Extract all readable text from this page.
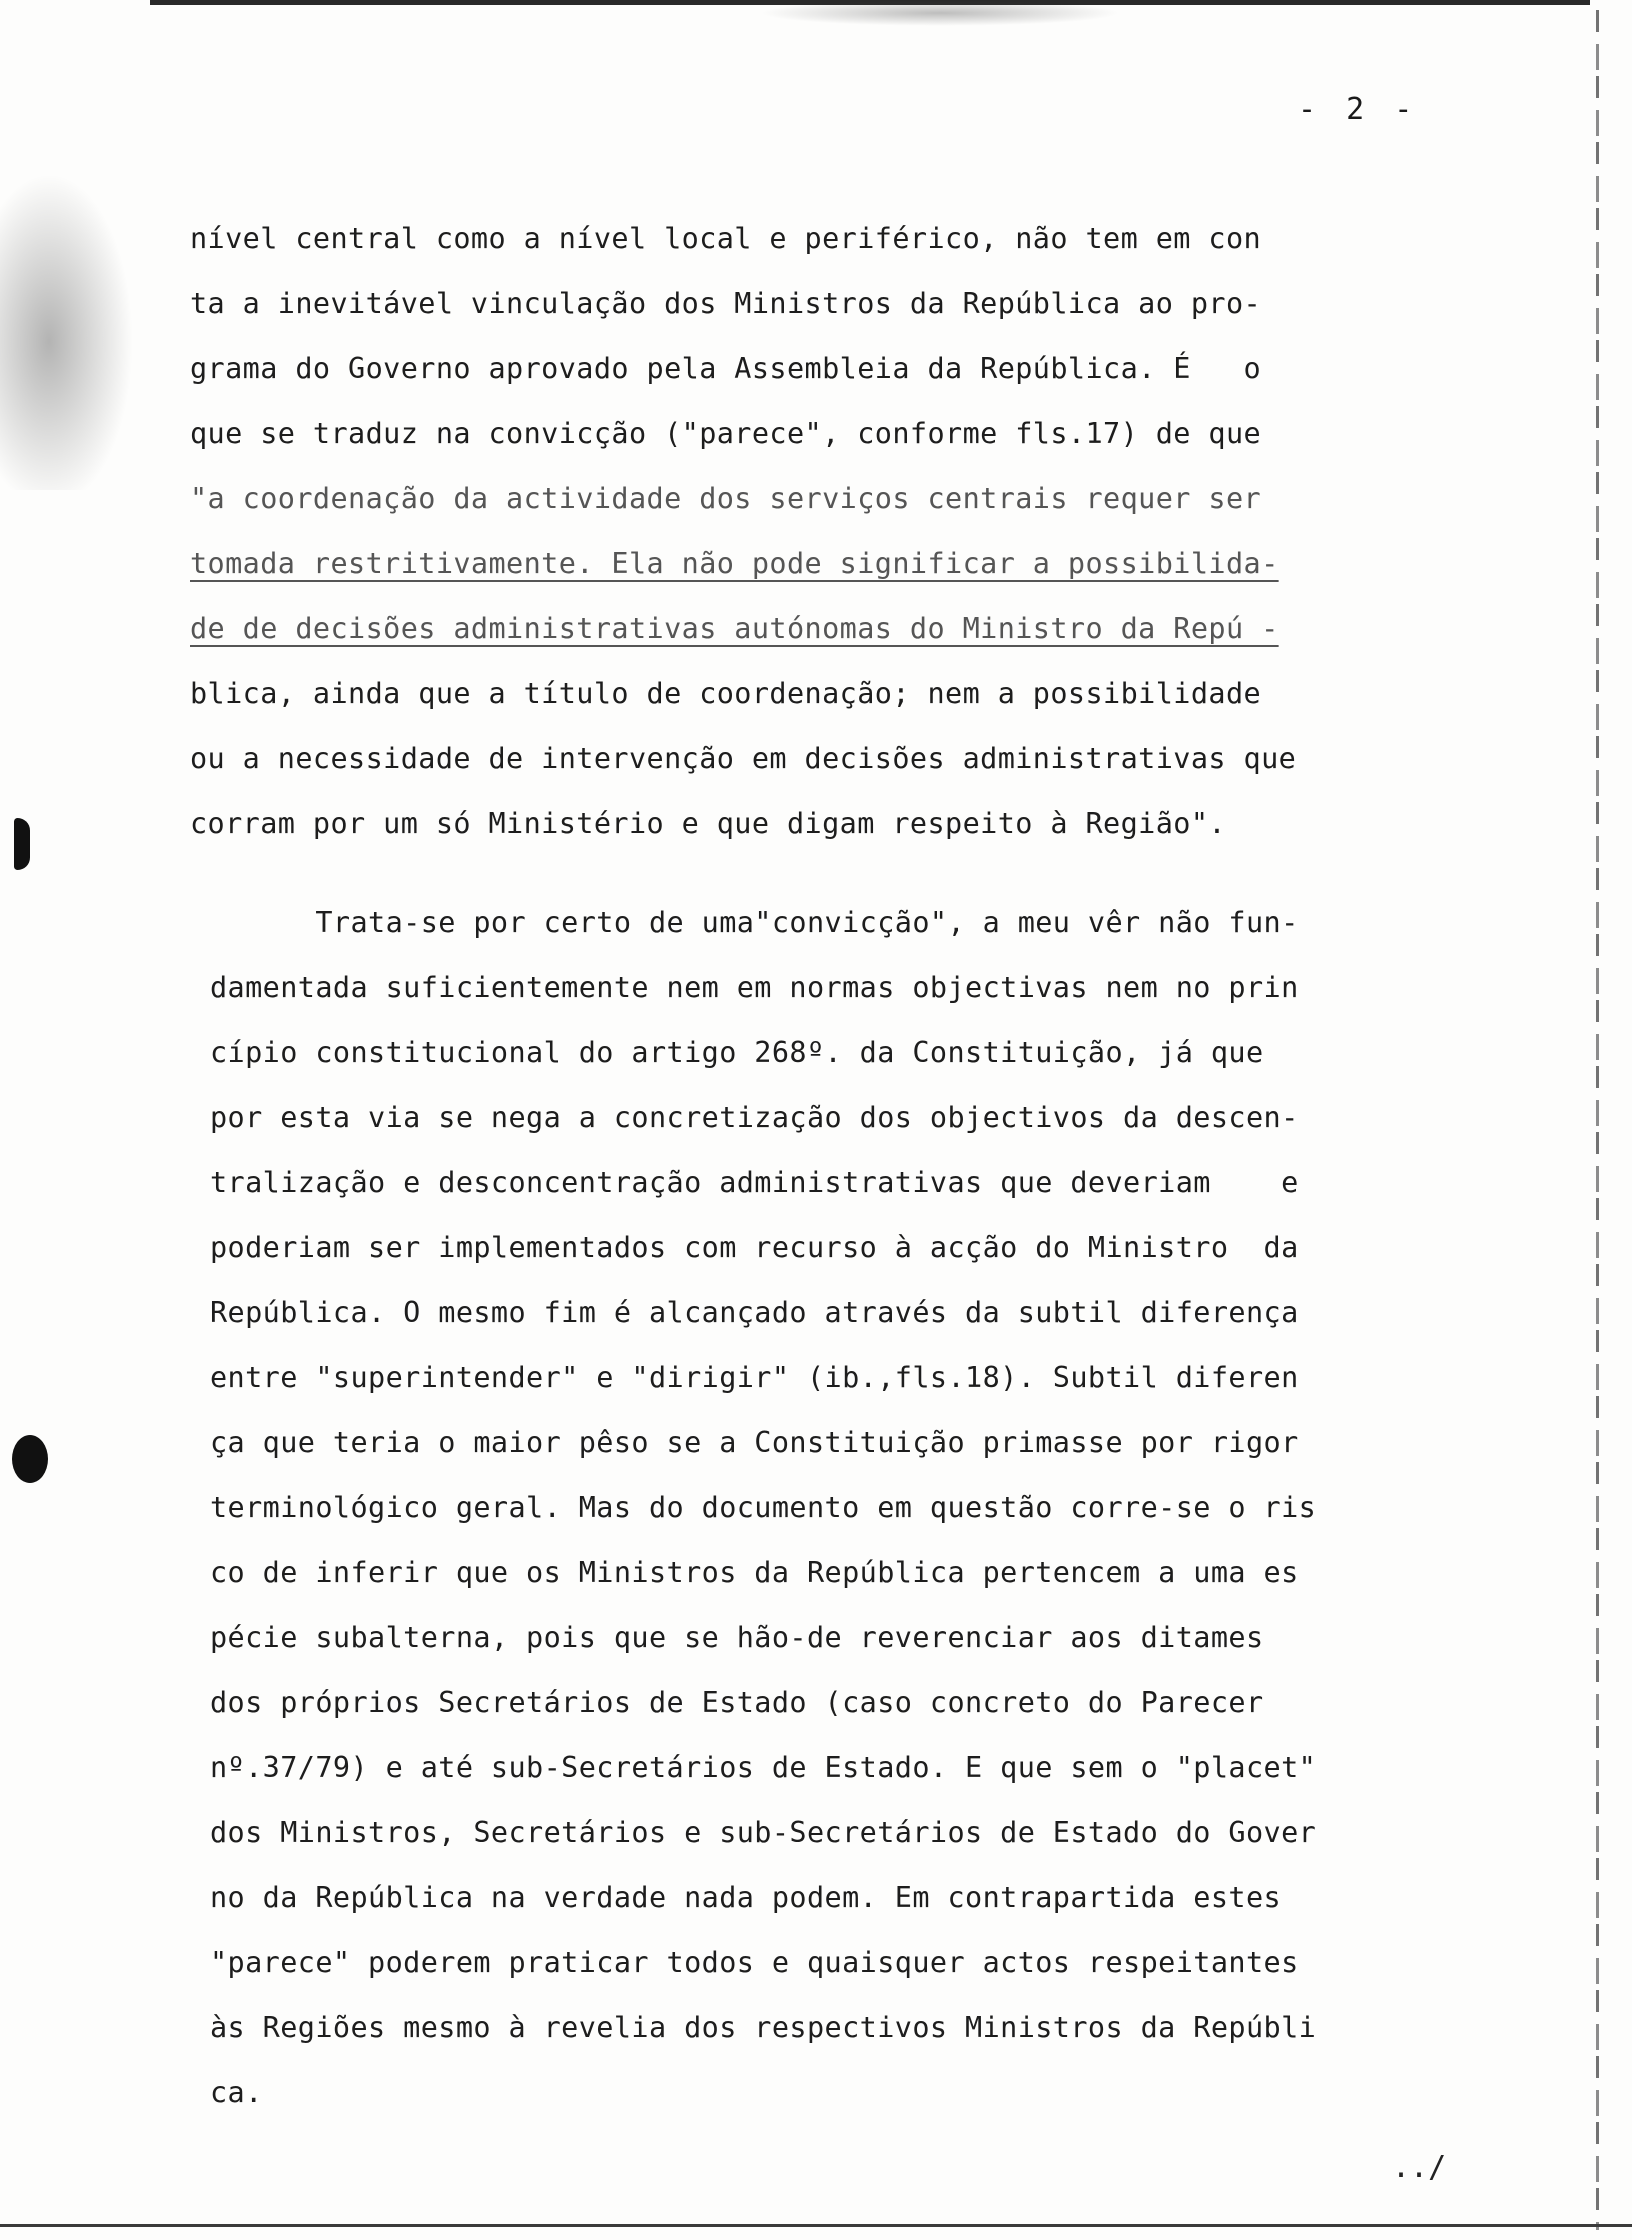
- 2 -
nível central como a nível local e periférico, não tem em con
ta a inevitável vinculação dos Ministros da República ao pro-
grama do Governo aprovado pela Assembleia da República. É   o
que se traduz na convicção ("parece", conforme fls.17) de que
"a coordenação da actividade dos serviços centrais requer ser
tomada restritivamente. Ela não pode significar a possibilida-
de de decisões administrativas autónomas do Ministro da Repú -
blica, ainda que a título de coordenação; nem a possibilidade
ou a necessidade de intervenção em decisões administrativas que
corram por um só Ministério e que digam respeito à Região".
Trata-se por certo de uma"convicção", a meu vêr não fun-
damentada suficientemente nem em normas objectivas nem no prin
cípio constitucional do artigo 268º. da Constituição, já que
por esta via se nega a concretização dos objectivos da descen-
tralização e desconcentração administrativas que deveriam    e
poderiam ser implementados com recurso à acção do Ministro  da
República. O mesmo fim é alcançado através da subtil diferença
entre "superintender" e "dirigir" (ib.,fls.18). Subtil diferen
ça que teria o maior pêso se a Constituição primasse por rigor
terminológico geral. Mas do documento em questão corre-se o ris
co de inferir que os Ministros da República pertencem a uma es
pécie subalterna, pois que se hão-de reverenciar aos ditames
dos próprios Secretários de Estado (caso concreto do Parecer
nº.37/79) e até sub-Secretários de Estado. E que sem o "placet"
dos Ministros, Secretários e sub-Secretários de Estado do Gover
no da República na verdade nada podem. Em contrapartida estes
"parece" poderem praticar todos e quaisquer actos respeitantes
às Regiões mesmo à revelia dos respectivos Ministros da Repúbli
ca.
../
